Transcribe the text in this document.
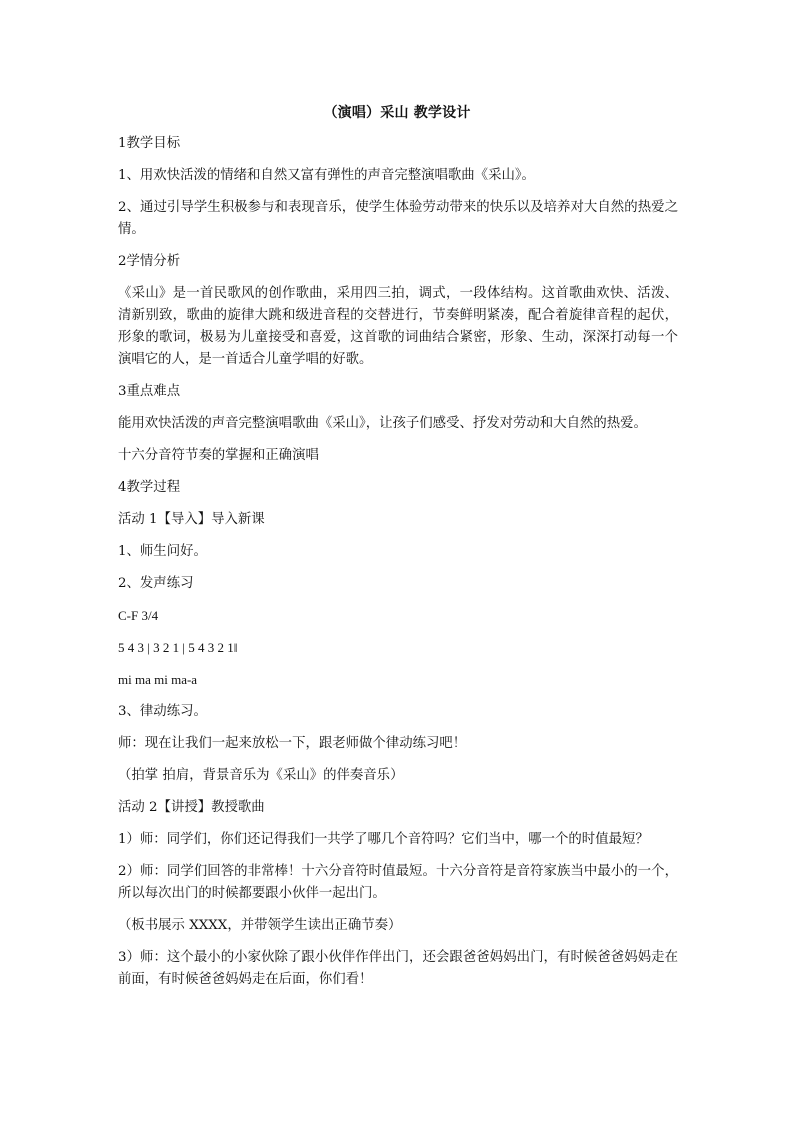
（演唱）采山 教学设计
1教学目标
1、用欢快活泼的情绪和自然又富有弹性的声音完整演唱歌曲《采山》。
2、通过引导学生积极参与和表现音乐，使学生体验劳动带来的快乐以及培养对大自然的热爱之情。
2学情分析
《采山》是一首民歌风的创作歌曲，采用四三拍，调式，一段体结构。这首歌曲欢快、活泼、清新别致，歌曲的旋律大跳和级进音程的交替进行，节奏鲜明紧凑，配合着旋律音程的起伏，形象的歌词，极易为儿童接受和喜爱，这首歌的词曲结合紧密，形象、生动，深深打动每一个演唱它的人，是一首适合儿童学唱的好歌。
3重点难点
能用欢快活泼的声音完整演唱歌曲《采山》，让孩子们感受、抒发对劳动和大自然的热爱。
十六分音符节奏的掌握和正确演唱
4教学过程
活动 1【导入】导入新课
1、师生问好。
2、发声练习
C-F 3/4
5 4 3 | 3 2 1 | 5 4 3 2 1‖
mi ma mi ma-a
3、律动练习。
师：现在让我们一起来放松一下，跟老师做个律动练习吧！
（拍掌 拍肩，背景音乐为《采山》的伴奏音乐）
活动 2【讲授】教授歌曲
1）师：同学们，你们还记得我们一共学了哪几个音符吗？它们当中，哪一个的时值最短？
2）师：同学们回答的非常棒！十六分音符时值最短。十六分音符是音符家族当中最小的一个，所以每次出门的时候都要跟小伙伴一起出门。
（板书展示 XXXX，并带领学生读出正确节奏）
3）师：这个最小的小家伙除了跟小伙伴作伴出门，还会跟爸爸妈妈出门，有时候爸爸妈妈走在前面，有时候爸爸妈妈走在后面，你们看！
